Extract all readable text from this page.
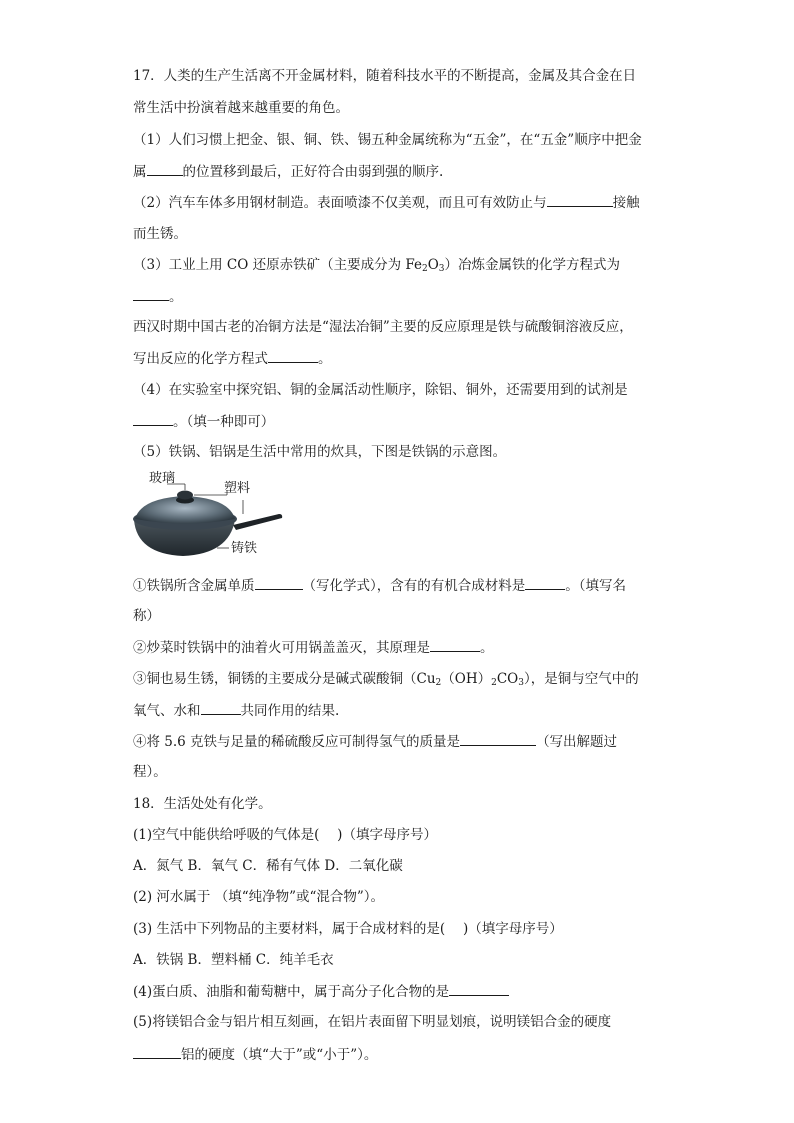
17．人类的生产生活离不开金属材料，随着科技水平的不断提高，金属及其合金在日
常生活中扮演着越来越重要的角色。
（1）人们习惯上把金、银、铜、铁、锡五种金属统称为“五金”，在“五金”顺序中把金
属	的位置移到最后，正好符合由弱到强的顺序.
（2）汽车车体多用钢材制造。表面喷漆不仅美观，而且可有效防止与	接触
而生锈。
（3）工业上用 CO 还原赤铁矿（主要成分为 $Fe_2O_3$）冶炼金属铁的化学方程式为
。
西汉时期中国古老的冶铜方法是“湿法冶铜”主要的反应原理是铁与硫酸铜溶液反应，
写出反应的化学方程式	。
（4）在实验室中探究铝、铜的金属活动性顺序，除铝、铜外，还需要用到的试剂是
。（填一种即可）
（5）铁锅、铝锅是生活中常用的炊具，下图是铁锅的示意图。
玻璃
塑料
铸铁
①铁锅所含金属单质	（写化学式），含有的有机合成材料是	。（填写名
称）
②炒菜时铁锅中的油着火可用锅盖盖灭，其原理是	。
③铜也易生锈，铜锈的主要成分是碱式碳酸铜$(Cu_2(OH)_2CO_3)$，是铜与空气中的
氧气、水和	共同作用的结果.
④将 5.6 克铁与足量的稀硫酸反应可制得氢气的质量是	（写出解题过
程）。
18．生活处处有化学。
(1)空气中能供给呼吸的气体是(　 )（填字母序号）
A．氮气 B．氧气 C．稀有气体 D．二氧化碳
(2) 河水属于 （填“纯净物”或“混合物”）。
(3) 生活中下列物品的主要材料，属于合成材料的是(　 )（填字母序号）
A．铁锅 B．塑料桶 C．纯羊毛衣
(4)蛋白质、油脂和葡萄糖中，属于高分子化合物的是
(5)将镁铝合金与铝片相互刻画，在铝片表面留下明显划痕，说明镁铝合金的硬度
铝的硬度（填“大于”或“小于”）。
